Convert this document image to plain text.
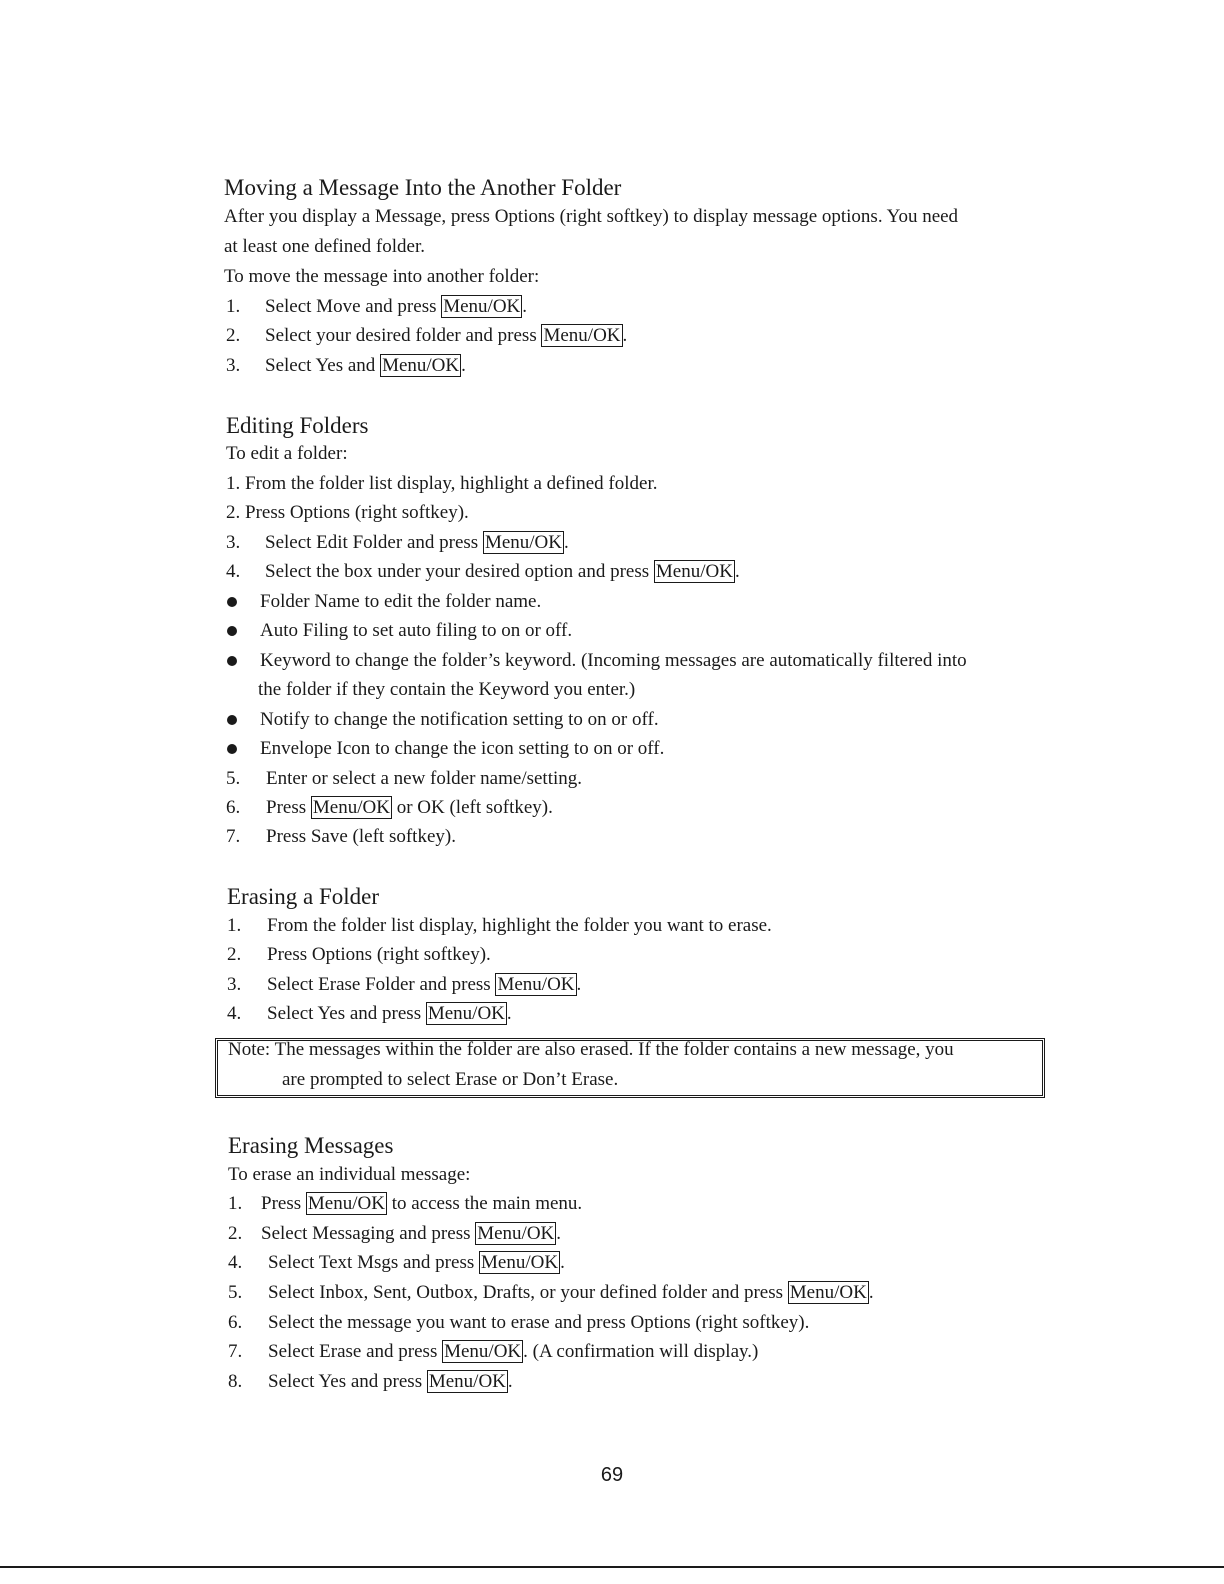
Moving a Message Into the Another Folder
After you display a Message, press Options (right softkey) to display message options. You need
at least one defined folder.
To move the message into another folder:
1. Select Move and press Menu/OK .
2. Select your desired folder and press Menu/OK .
3. Select Yes and Menu/OK .
Editing Folders
To edit a folder:
1. From the folder list display, highlight a defined folder.
2. Press Options (right softkey).
3. Select Edit Folder and press Menu/OK .
4. Select the box under your desired option and press Menu/OK .
Folder Name to edit the folder name.
Auto Filing to set auto filing to on or off.
Keyword to change the folder’s keyword. (Incoming messages are automatically filtered into
the folder if they contain the Keyword you enter.)
Notify to change the notification setting to on or off.
Envelope Icon to change the icon setting to on or off.
5. Enter or select a new folder name/setting.
6. Press Menu/OK or OK (left softkey).
7. Press Save (left softkey).
Erasing a Folder
1. From the folder list display, highlight the folder you want to erase.
2. Press Options (right softkey).
3. Select Erase Folder and press Menu/OK .
4. Select Yes and press Menu/OK .
Note: The messages within the folder are also erased. If the folder contains a new message, you
are prompted to select Erase or Don’t Erase.
Erasing Messages
To erase an individual message:
1. Press Menu/OK to access the main menu.
2. Select Messaging and press Menu/OK .
4. Select Text Msgs and press Menu/OK .
5. Select Inbox, Sent, Outbox, Drafts, or your defined folder and press Menu/OK .
6. Select the message you want to erase and press Options (right softkey).
7. Select Erase and press Menu/OK . (A confirmation will display.)
8. Select Yes and press Menu/OK .
69
